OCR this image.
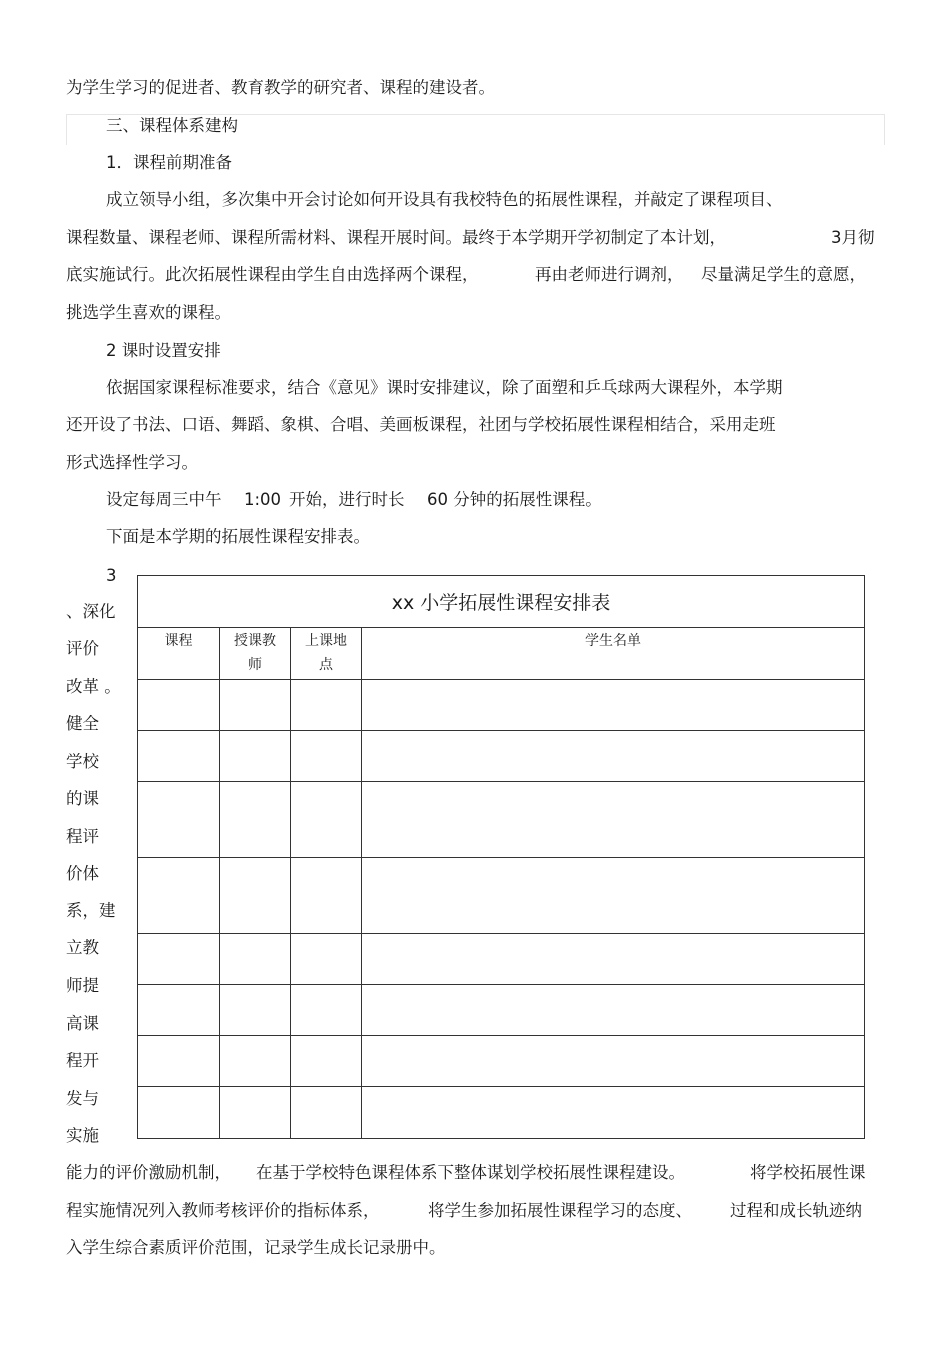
为学生学习的促进者、教育教学的研究者、课程的建设者。
三、课程体系建构
1．课程前期准备
成立领导小组，多次集中开会讨论如何开设具有我校特色的拓展性课程，并敲定了课程项目、
课程数量、课程老师、课程所需材料、课程开展时间。最终于本学期开学初制定了本计划，	3月彻
底实施试行。此次拓展性课程由学生自由选择两个课程，	再由老师进行调剂， 尽量满足学生的意愿，
挑选学生喜欢的课程。
2 课时设置安排
依据国家课程标准要求，结合《意见》课时安排建议，除了面塑和乒乓球两大课程外，本学期
还开设了书法、口语、舞蹈、象棋、合唱、美画板课程，社团与学校拓展性课程相结合，采用走班
形式选择性学习。
设定每周三中午 1:00 开始，进行时长 60 分钟的拓展性课程。
下面是本学期的拓展性课程安排表。
3
、深化
评价
改革 。
健全
学校
的课
程评
价体
系，建
立教
师提
高课
程开
发与
实施
xx 小学拓展性课程安排表			
课程	授课教师	上课地点	学生名单

能力的评价激励机制， 在基于学校特色课程体系下整体谋划学校拓展性课程建设。	将学校拓展性课
程实施情况列入教师考核评价的指标体系，	将学生参加拓展性课程学习的态度、 过程和成长轨迹纳
入学生综合素质评价范围，记录学生成长记录册中。
